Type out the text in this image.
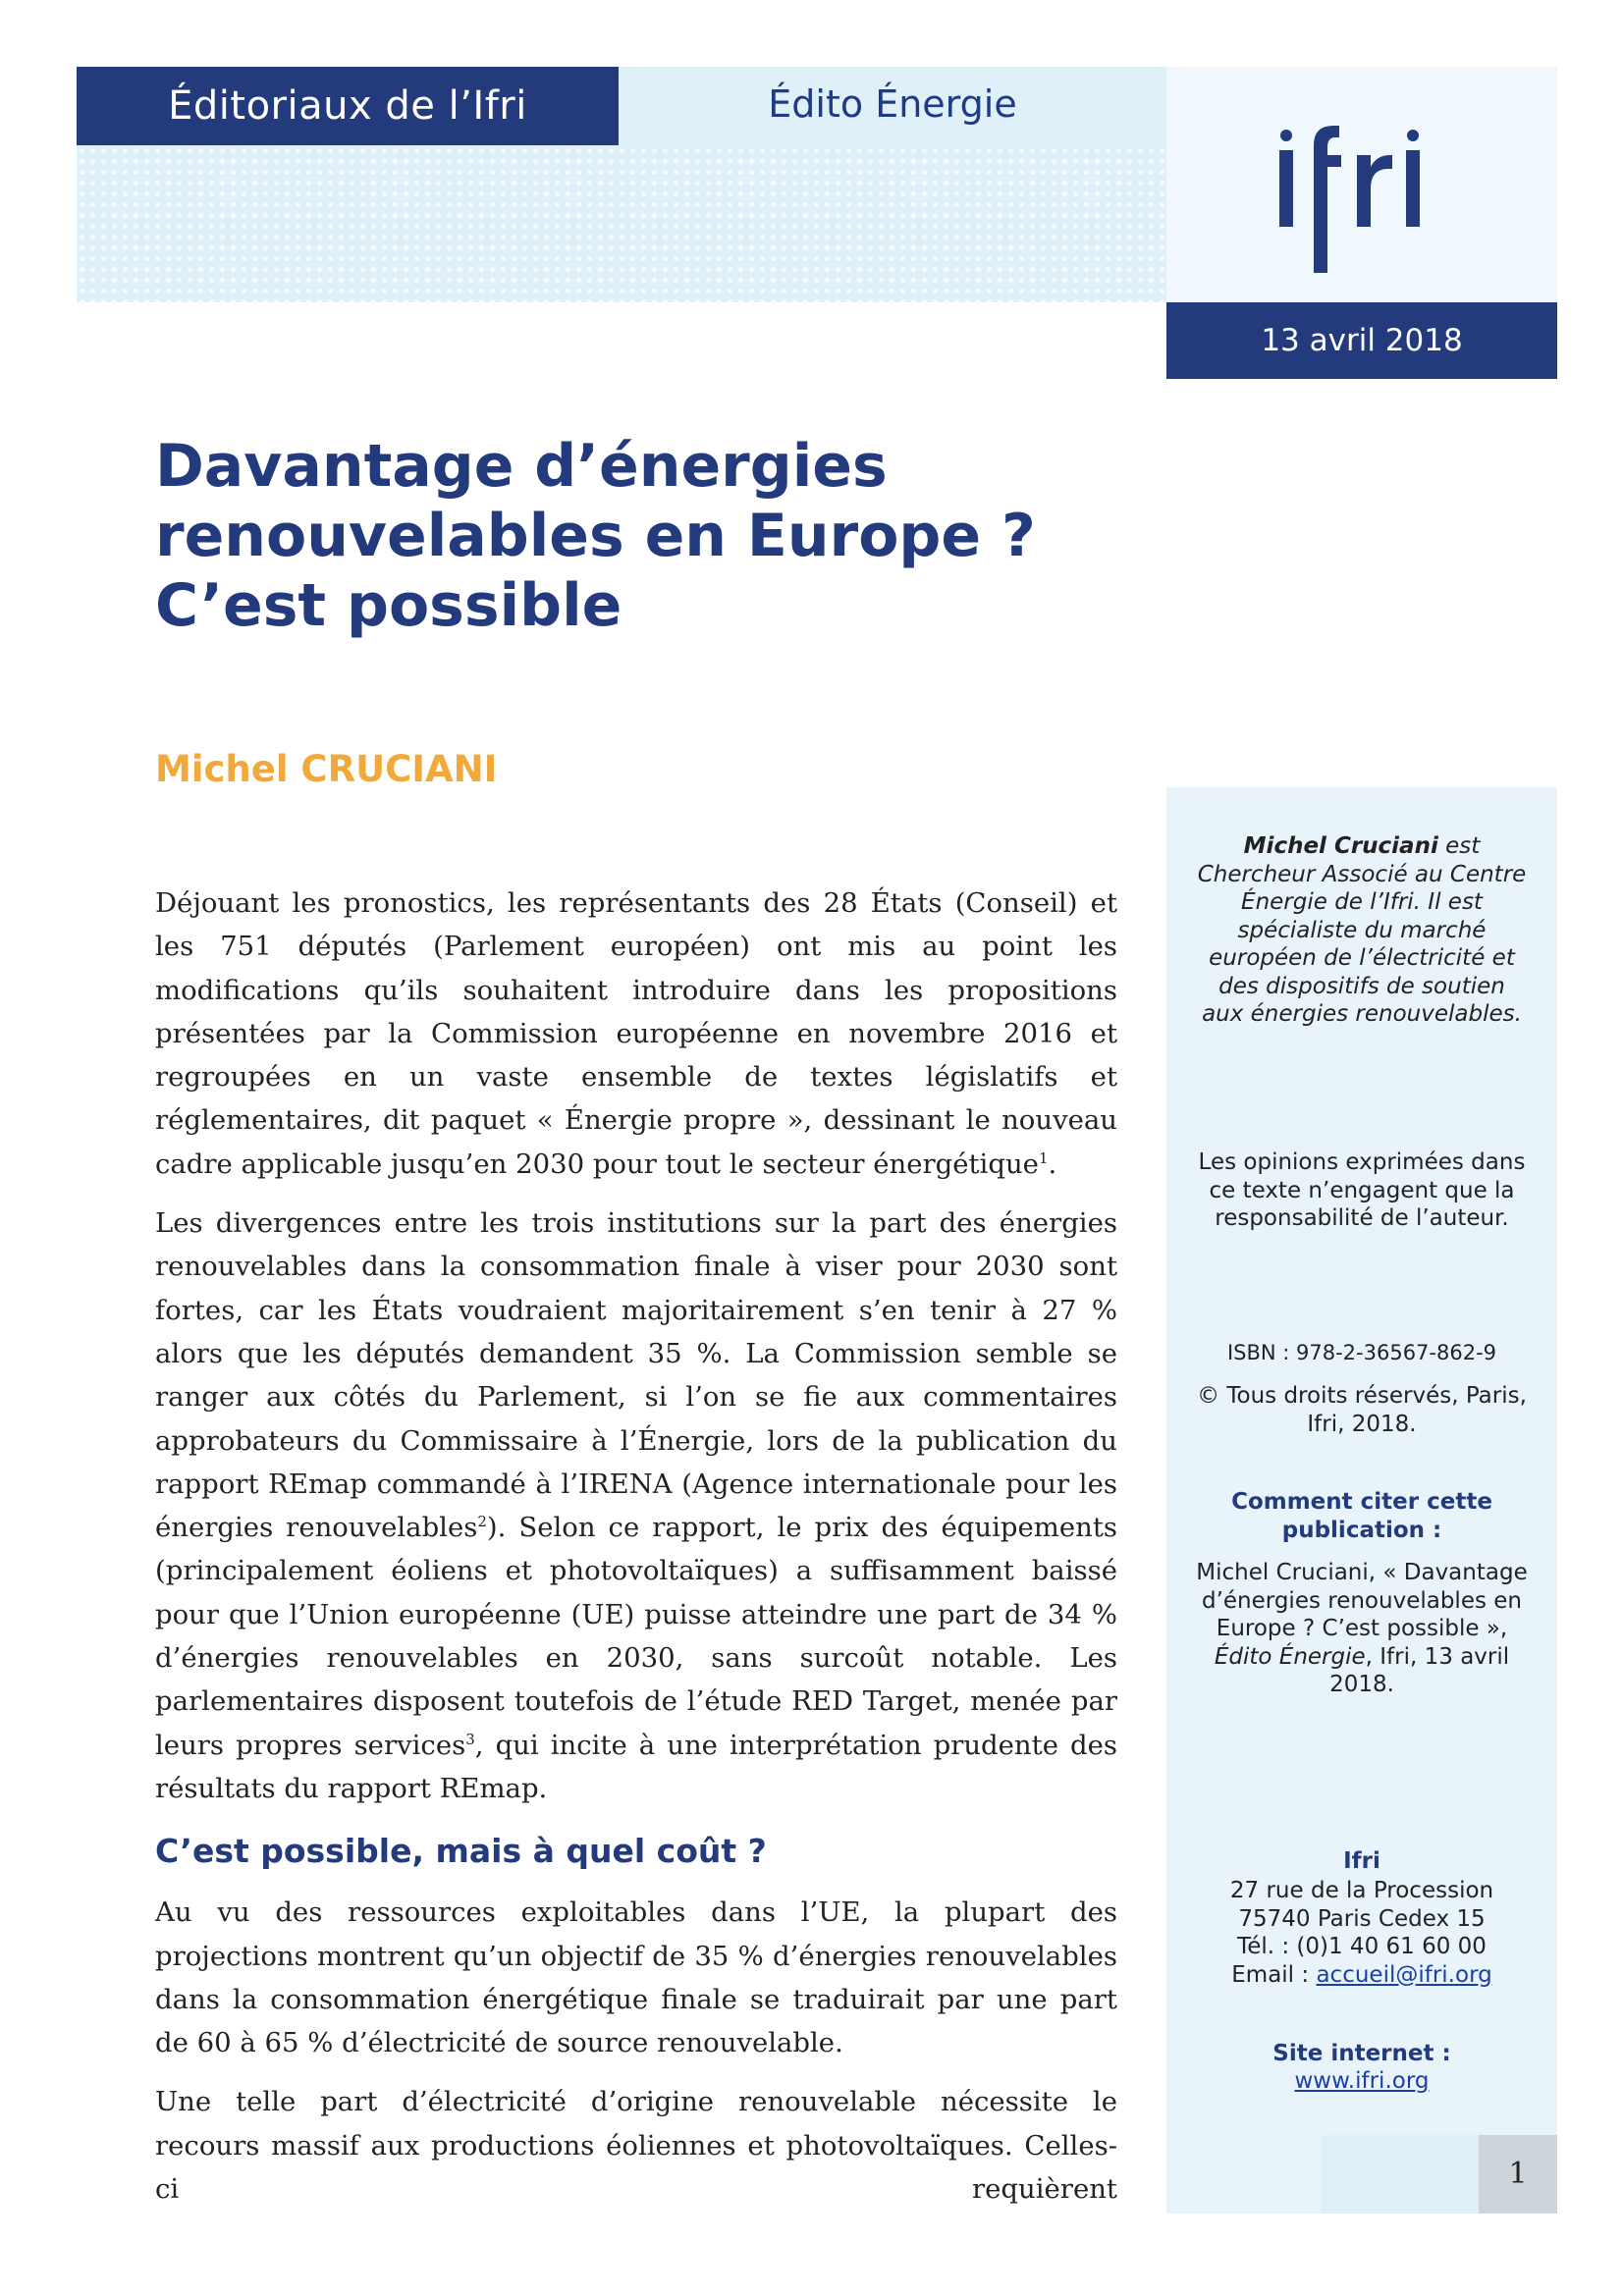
Éditoriaux de l’Ifri	Édito Énergie
13 avril 2018
Davantage d’énergies
renouvelables en Europe ?
C’est possible
Michel CRUCIANI

Déjouant les pronostics, les représentants des 28 États (Conseil) et les 751 députés (Parlement européen) ont mis au point les modifications qu’ils souhaitent introduire dans les propositions présentées par la Commission européenne en novembre 2016 et regroupées en un vaste ensemble de textes législatifs et réglementaires, dit paquet « Énergie propre », dessinant le nouveau cadre applicable jusqu’en 2030 pour tout le secteur énergétique$^1$.

Les divergences entre les trois institutions sur la part des énergies renouvelables dans la consommation finale à viser pour 2030 sont fortes, car les États voudraient majoritairement s’en tenir à 27 % alors que les députés demandent 35 %. La Commission semble se ranger aux côtés du Parlement, si l’on se fie aux commentaires approbateurs du Commissaire à l’Énergie, lors de la publication du rapport REmap commandé à l’IRENA (Agence internationale pour les énergies renouvelables$^2$). Selon ce rapport, le prix des équipements (principalement éoliens et photovoltaïques) a suffisamment baissé pour que l’Union européenne (UE) puisse atteindre une part de 34 % d’énergies renouvelables en 2030, sans surcoût notable. Les parlementaires disposent toutefois de l’étude RED Target, menée par leurs propres services$^3$, qui incite à une interprétation prudente des résultats du rapport REmap.

C’est possible, mais à quel coût ?

Au vu des ressources exploitables dans l’UE, la plupart des projections montrent qu’un objectif de 35 % d’énergies renouvelables dans la consommation énergétique finale se traduirait par une part de 60 à 65 % d’électricité de source renouvelable.

Une telle part d’électricité d’origine renouvelable nécessite le recours massif aux productions éoliennes et photovoltaïques. Celles-ci requièrent

Michel Cruciani est Chercheur Associé au Centre Énergie de l’Ifri. Il est spécialiste du marché européen de l’électricité et des dispositifs de soutien aux énergies renouvelables.

Les opinions exprimées dans ce texte n’engagent que la responsabilité de l’auteur.

ISBN : 978-2-36567-862-9

© Tous droits réservés, Paris, Ifri, 2018.

Comment citer cette publication :

Michel Cruciani, « Davantage d’énergies renouvelables en Europe ? C’est possible », Édito Énergie, Ifri, 13 avril 2018.

Ifri

27 rue de la Procession
75740 Paris Cedex 15
Tél. : (0)1 40 61 60 00
Email : accueil@ifri.org

Site internet :

www.ifri.org

1
